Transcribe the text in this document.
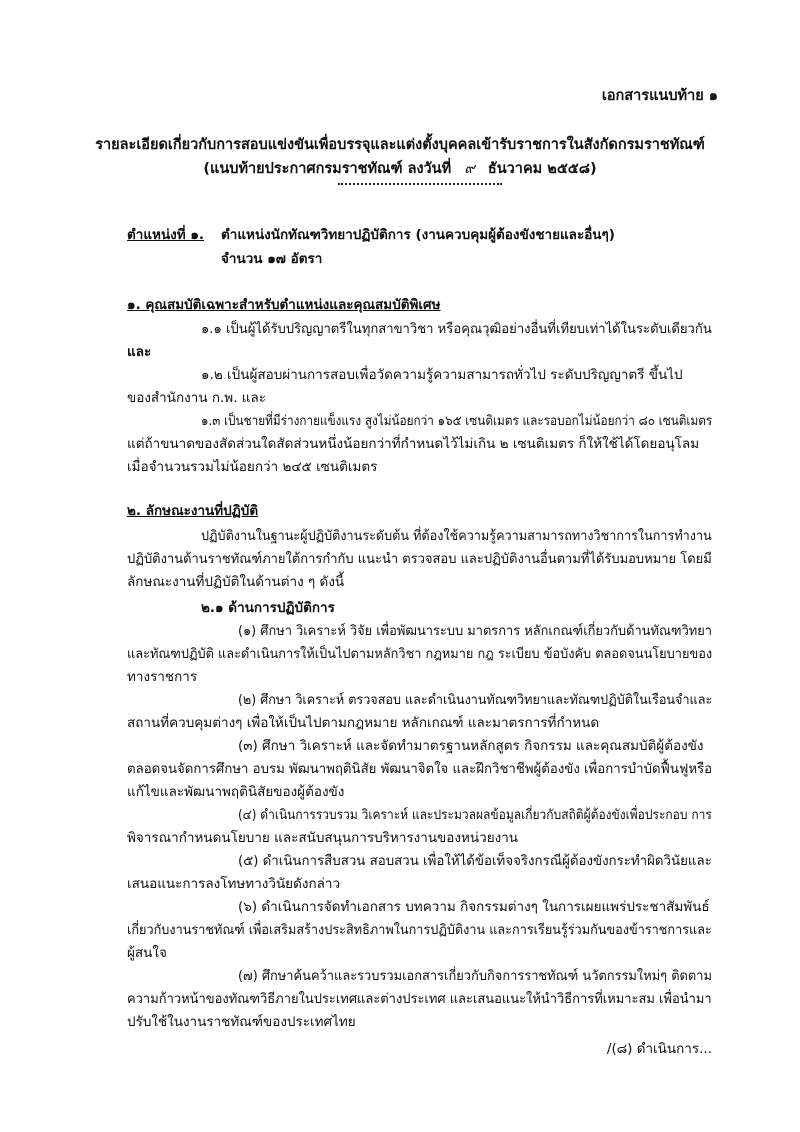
เอกสารแนบท้าย ๑
รายละเอียดเกี่ยวกับการสอบแข่งขันเพื่อบรรจุและแต่งตั้งบุคคลเข้ารับราชการในสังกัดกรมราชทัณฑ์
(แนบท้ายประกาศกรมราชทัณฑ์ ลงวันที่ ๙ ธันวาคม ๒๕๕๘)
ตำแหน่งที่ ๑. ตำแหน่งนักทัณฑวิทยาปฏิบัติการ (งานควบคุมผู้ต้องขังชายและอื่นๆ)
จำนวน ๑๗ อัตรา
๑. คุณสมบัติเฉพาะสำหรับตำแหน่งและคุณสมบัติพิเศษ
๑.๑ เป็นผู้ได้รับปริญญาตรีในทุกสาขาวิชา หรือคุณวุฒิอย่างอื่นที่เทียบเท่าได้ในระดับเดียวกัน
และ
๑.๒ เป็นผู้สอบผ่านการสอบเพื่อวัดความรู้ความสามารถทั่วไป ระดับปริญญาตรี ขึ้นไป
ของสำนักงาน ก.พ. และ
๑.๓ เป็นชายที่มีร่างกายแข็งแรง สูงไม่น้อยกว่า ๑๖๕ เซนติเมตร และรอบอกไม่น้อยกว่า ๘๐ เซนติเมตร
แต่ถ้าขนาดของสัดส่วนใดสัดส่วนหนึ่งน้อยกว่าที่กำหนดไว้ไม่เกิน ๒ เซนติเมตร ก็ให้ใช้ได้โดยอนุโลม
เมื่อจำนวนรวมไม่น้อยกว่า ๒๔๕ เซนติเมตร
๒. ลักษณะงานที่ปฏิบัติ
ปฏิบัติงานในฐานะผู้ปฏิบัติงานระดับต้น ที่ต้องใช้ความรู้ความสามารถทางวิชาการในการทำงาน
ปฏิบัติงานด้านราชทัณฑ์ภายใต้การกำกับ แนะนำ ตรวจสอบ และปฏิบัติงานอื่นตามที่ได้รับมอบหมาย โดยมี
ลักษณะงานที่ปฏิบัติในด้านต่าง ๆ ดังนี้
๒.๑ ด้านการปฏิบัติการ
(๑) ศึกษา วิเคราะห์ วิจัย เพื่อพัฒนาระบบ มาตรการ หลักเกณฑ์เกี่ยวกับด้านทัณฑวิทยา
และทัณฑปฏิบัติ และดำเนินการให้เป็นไปตามหลักวิชา กฎหมาย กฎ ระเบียบ ข้อบังคับ ตลอดจนนโยบายของ
ทางราชการ
(๒) ศึกษา วิเคราะห์ ตรวจสอบ และดำเนินงานทัณฑวิทยาและทัณฑปฏิบัติในเรือนจำและ
สถานที่ควบคุมต่างๆ เพื่อให้เป็นไปตามกฎหมาย หลักเกณฑ์ และมาตรการที่กำหนด
(๓) ศึกษา วิเคราะห์ และจัดทำมาตรฐานหลักสูตร กิจกรรม และคุณสมบัติผู้ต้องขัง
ตลอดจนจัดการศึกษา อบรม พัฒนาพฤตินิสัย พัฒนาจิตใจ และฝึกวิชาชีพผู้ต้องขัง เพื่อการบำบัดฟื้นฟูหรือ
แก้ไขและพัฒนาพฤตินิสัยของผู้ต้องขัง
(๔) ดำเนินการรวบรวม วิเคราะห์ และประมวลผลข้อมูลเกี่ยวกับสถิติผู้ต้องขังเพื่อประกอบ การ
พิจารณากำหนดนโยบาย และสนับสนุนการบริหารงานของหน่วยงาน
(๕) ดำเนินการสืบสวน สอบสวน เพื่อให้ได้ข้อเท็จจริงกรณีผู้ต้องขังกระทำผิดวินัยและ
เสนอแนะการลงโทษทางวินัยดังกล่าว
(๖) ดำเนินการจัดทำเอกสาร บทความ กิจกรรมต่างๆ ในการเผยแพร่ประชาสัมพันธ์
เกี่ยวกับงานราชทัณฑ์ เพื่อเสริมสร้างประสิทธิภาพในการปฏิบัติงาน และการเรียนรู้ร่วมกันของข้าราชการและ
ผู้สนใจ
(๗) ศึกษาค้นคว้าและรวบรวมเอกสารเกี่ยวกับกิจการราชทัณฑ์ นวัตกรรมใหม่ๆ ติดตาม
ความก้าวหน้าของทัณฑวิธีภายในประเทศและต่างประเทศ และเสนอแนะให้นำวิธีการที่เหมาะสม เพื่อนำมา
ปรับใช้ในงานราชทัณฑ์ของประเทศไทย
/(๘) ดำเนินการ...
